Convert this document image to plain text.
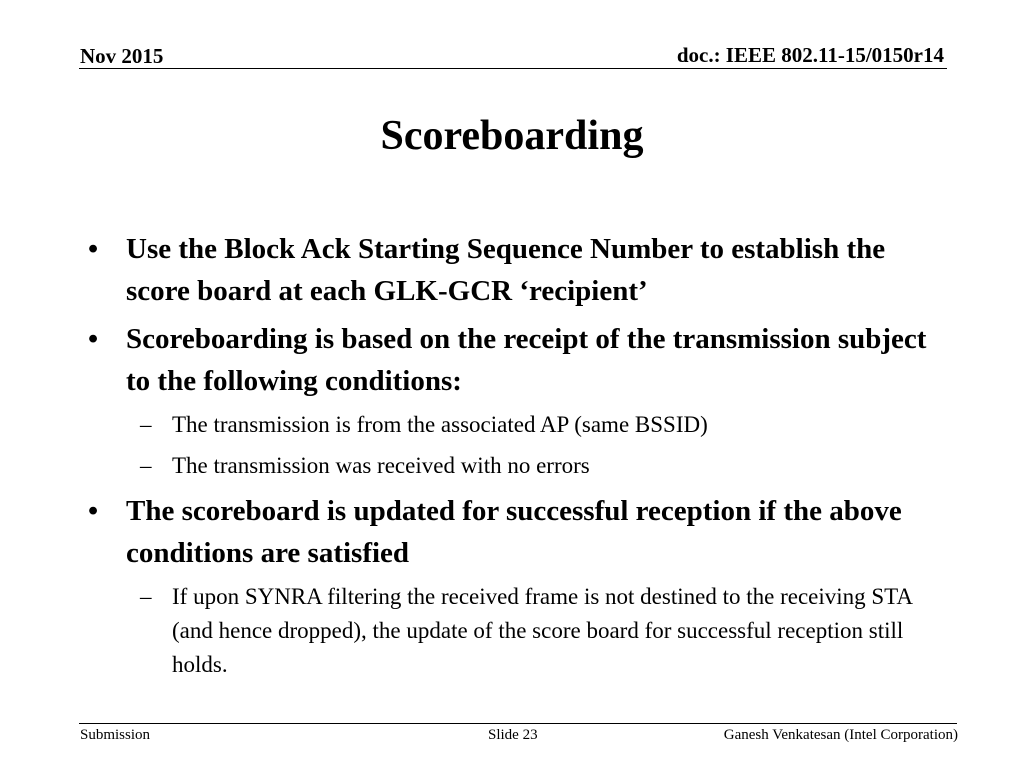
Nov 2015	doc.: IEEE 802.11-15/0150r14
Scoreboarding
• Use the Block Ack Starting Sequence Number to establish the score board at each GLK-GCR ‘recipient’
• Scoreboarding is based on the receipt of the transmission subject to the following conditions:
– The transmission is from the associated AP (same BSSID)
– The transmission was received with no errors
• The scoreboard is updated for successful reception if the above conditions are satisfied
– If upon SYNRA filtering the received frame is not destined to the receiving STA (and hence dropped), the update of the score board for successful reception still holds.
Submission	Slide 23	Ganesh Venkatesan (Intel Corporation)
